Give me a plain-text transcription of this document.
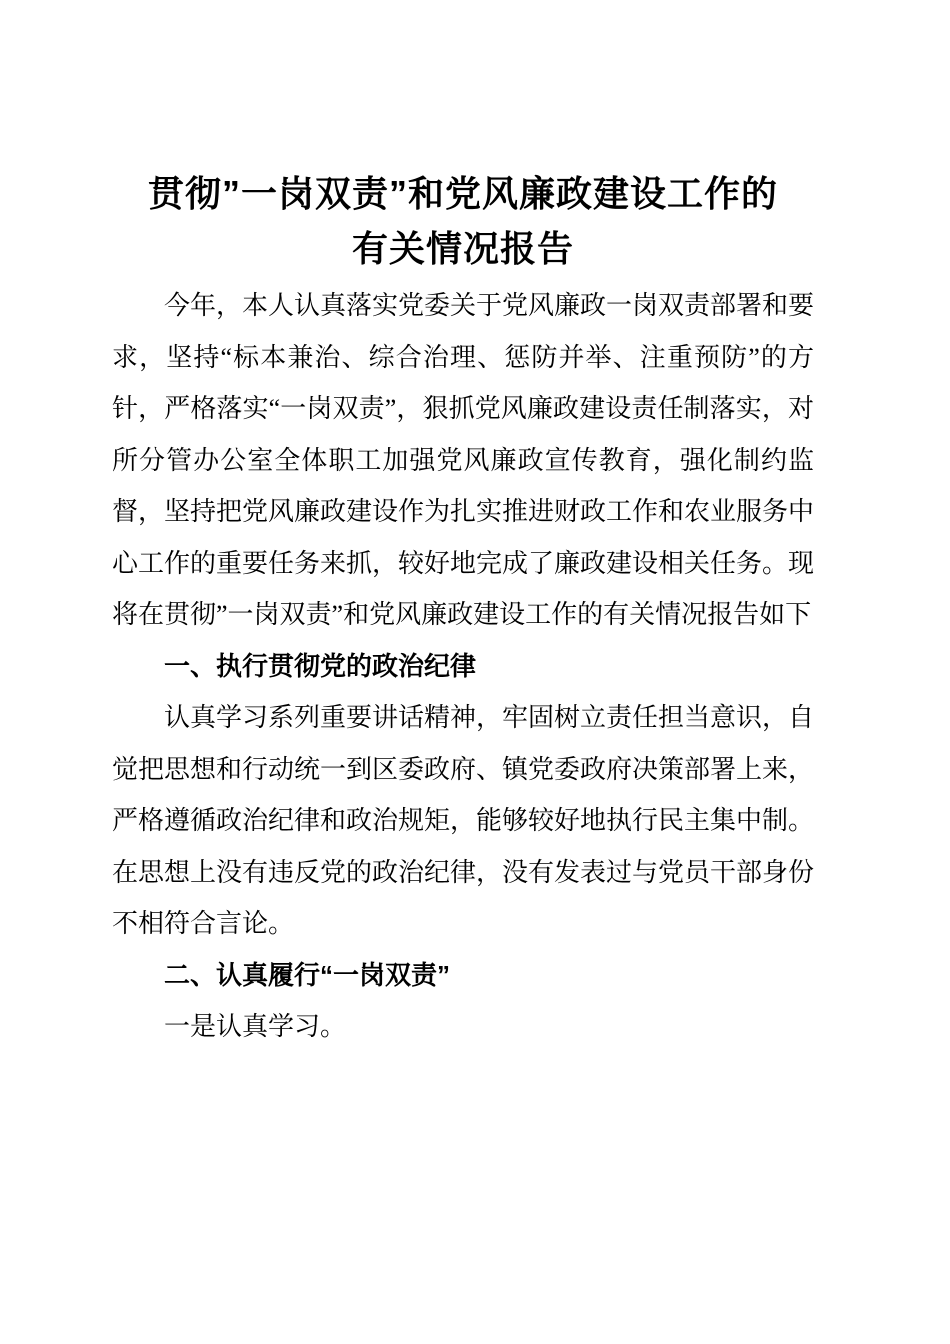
贯彻”一岗双责”和党风廉政建设工作的
有关情况报告

今年，本人认真落实党委关于党风廉政一岗双责部署和要求，坚持“标本兼治、综合治理、惩防并举、注重预防”的方针，严格落实“一岗双责”，狠抓党风廉政建设责任制落实，对所分管办公室全体职工加强党风廉政宣传教育，强化制约监督，坚持把党风廉政建设作为扎实推进财政工作和农业服务中心工作的重要任务来抓，较好地完成了廉政建设相关任务。现将在贯彻”一岗双责”和党风廉政建设工作的有关情况报告如下

一、执行贯彻党的政治纪律

认真学习系列重要讲话精神，牢固树立责任担当意识，自觉把思想和行动统一到区委政府、镇党委政府决策部署上来，严格遵循政治纪律和政治规矩，能够较好地执行民主集中制。在思想上没有违反党的政治纪律，没有发表过与党员干部身份不相符合言论。

二、认真履行“一岗双责”

一是认真学习。
